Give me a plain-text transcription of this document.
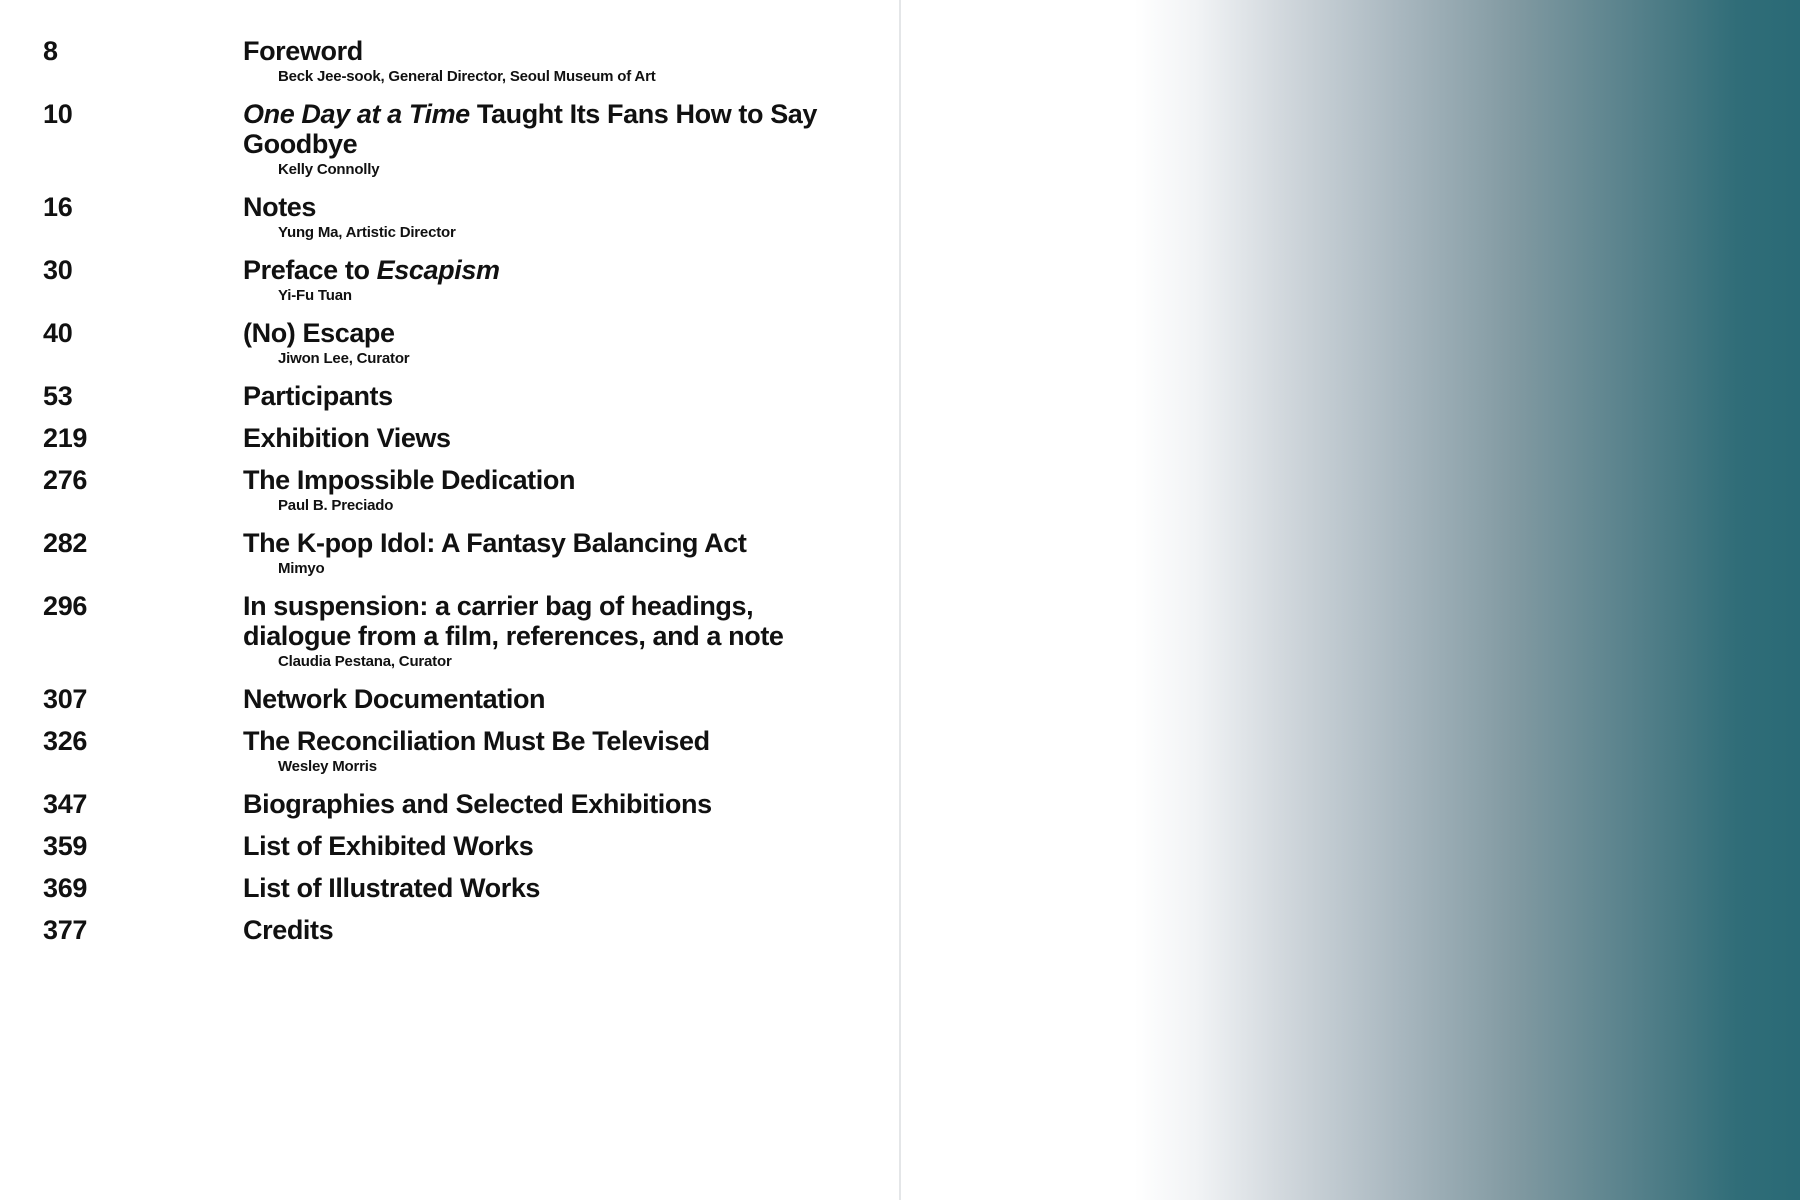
8	Foreword
Beck Jee-sook, General Director, Seoul Museum of Art
10	One Day at a Time Taught Its Fans How to Say Goodbye
Kelly Connolly
16	Notes
Yung Ma, Artistic Director
30	Preface to Escapism
Yi-Fu Tuan
40	(No) Escape
Jiwon Lee, Curator
53	Participants
219	Exhibition Views
276	The Impossible Dedication
Paul B. Preciado
282	The K-pop Idol: A Fantasy Balancing Act
Mimyo
296	In suspension: a carrier bag of headings, dialogue from a film, references, and a note
Claudia Pestana, Curator
307	Network Documentation
326	The Reconciliation Must Be Televised
Wesley Morris
347	Biographies and Selected Exhibitions
359	List of Exhibited Works
369	List of Illustrated Works
377	Credits
